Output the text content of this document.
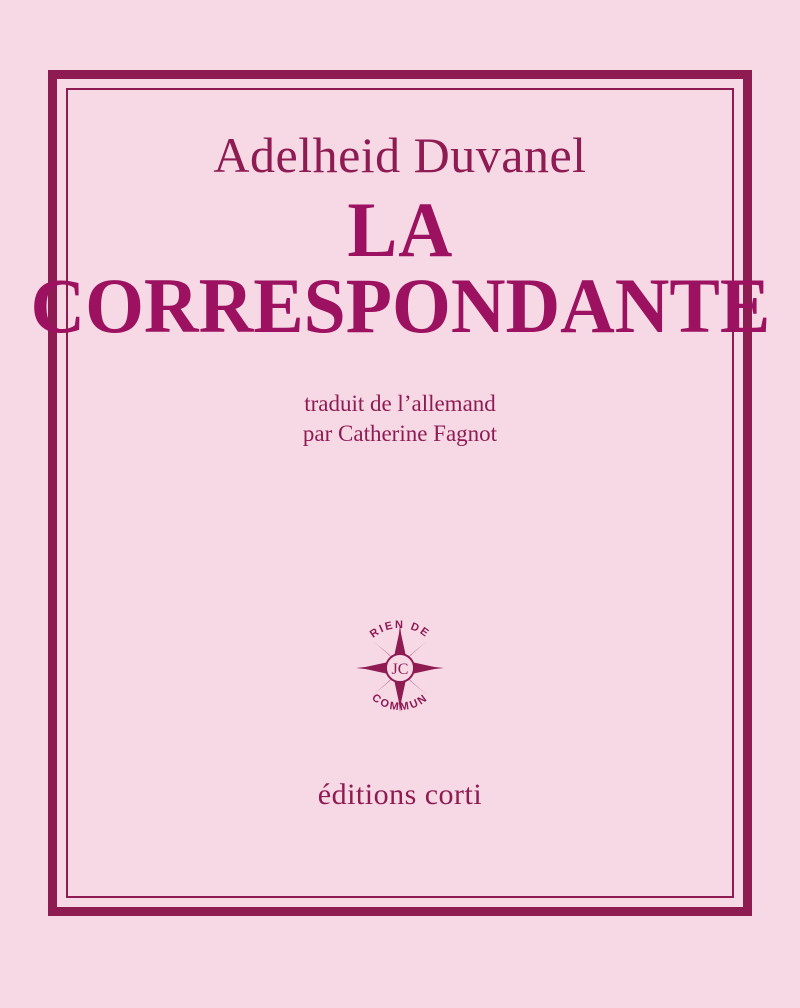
Adelheid Duvanel
LA
CORRESPONDANTE
traduit de l’allemand
par Catherine Fagnot
JC
RIEN DE
COMMUN
éditions corti
